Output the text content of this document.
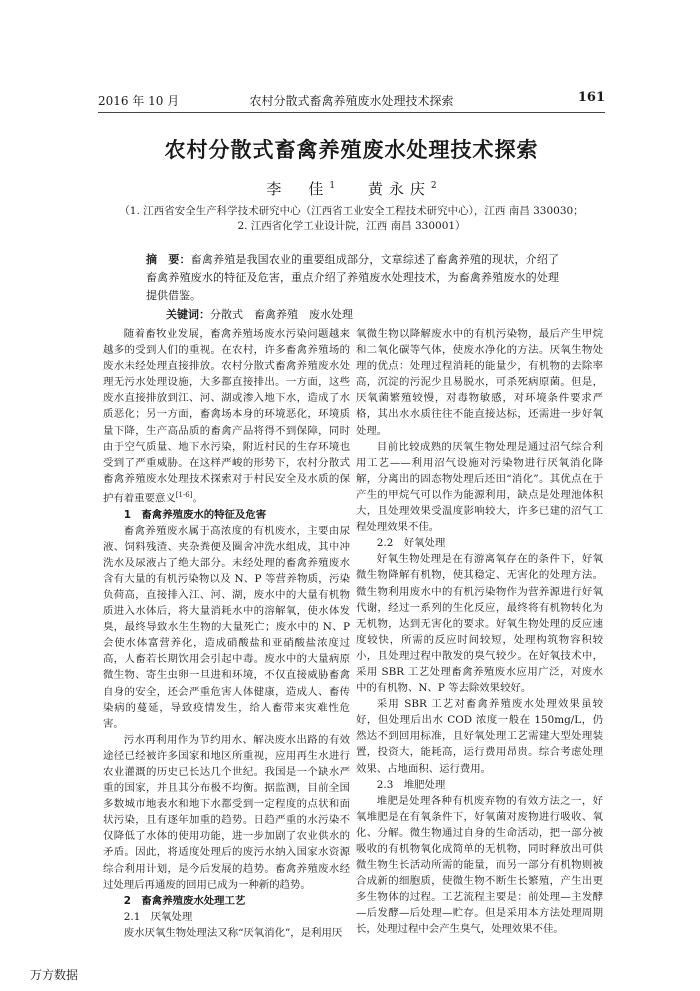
2016 年 10 月	农村分散式畜禽养殖废水处理技术探索	161
农村分散式畜禽养殖废水处理技术探索
李　佳$^1$ 黄永庆$^2$
（1. 江西省安全生产科学技术研究中心（江西省工业安全工程技术研究中心），江西 南昌 330030；
2. 江西省化学工业设计院，江西 南昌 330001）
摘　要：畜禽养殖是我国农业的重要组成部分，文章综述了畜禽养殖的现状，介绍了畜禽养殖废水的特征及危害，重点介绍了养殖废水处理技术，为畜禽养殖废水的处理提供借鉴。
关键词：分散式　畜禽养殖　废水处理

随着畜牧业发展，畜禽养殖场废水污染问题越来越多的受到人们的重视。在农村，许多畜禽养殖场的废水未经处理直接排放。农村分散式畜禽养殖废水处理无污水处理设施，大多都直接排出。一方面，这些废水直接排放到江、河、湖或渗入地下水，造成了水质恶化；另一方面，畜禽场本身的环境恶化，环境质量下降，生产高品质的畜禽产品将得不到保障，同时由于空气质量、地下水污染，附近村民的生存环境也受到了严重威胁。在这样严峻的形势下，农村分散式畜禽养殖废水处理技术探索对于村民安全及水质的保护有着重要意义[1-6]。

1　畜禽养殖废水的特征及危害

畜禽养殖废水属于高浓度的有机废水，主要由尿液、饲料残渣、夹杂粪便及圈舍冲洗水组成，其中冲洗水及尿液占了绝大部分。未经处理的畜禽养殖废水含有大量的有机污染物以及 N、P 等营养物质，污染负荷高，直接排入江、河、湖，废水中的大量有机物质进入水体后，将大量消耗水中的溶解氧，使水体发臭，最终导致水生生物的大量死亡；废水中的 N、P 会使水体富营养化，造成硝酸盐和亚硝酸盐浓度过高，人畜若长期饮用会引起中毒。废水中的大量病原微生物、寄生虫卵一旦进和环境，不仅直接威胁畜禽自身的安全，还会严重危害人体健康，造成人、畜传染病的蔓延，导致疫情发生，给人畜带来灾难性危害。

污水再利用作为节约用水、解决废水出路的有效途径已经被许多国家和地区所重视，应用再生水进行农业灌溉的历史已长达几个世纪。我国是一个缺水严重的国家，并且其分布极不均衡。据监测，目前全国多数城市地表水和地下水都受到一定程度的点状和面状污染，且有逐年加重的趋势。日趋严重的水污染不仅降低了水体的使用功能，进一步加剧了农业供水的矛盾。因此，将适度处理后的废污水纳入国家水资源综合利用计划，是今后发展的趋势。畜禽养殖废水经过处理后再通废的回用已成为一种新的趋势。

2　畜禽养殖废水处理工艺
2.1　厌氧处理

废水厌氧生物处理法又称“厌氧消化”，是利用厌

氧微生物以降解废水中的有机污染物，最后产生甲烷和二氧化碳等气体，使废水净化的方法。厌氧生物处理的优点：处理过程消耗的能量少，有机物的去除率高，沉淀的污泥少且易脱水，可杀死病原菌。但是，厌氧菌繁殖较慢，对毒物敏感，对环境条件要求严格，其出水水质往往不能直接达标，还需进一步好氧处理。

目前比较成熟的厌氧生物处理是通过沼气综合利用工艺——利用沼气设施对污染物进行厌氧消化降解，分离出的固态物处理后还田“消化”。其优点在于产生的甲烷气可以作为能源利用，缺点是处理池体积大，且处理效果受温度影响较大，许多已建的沼气工程处理效果不佳。

2.2　好氧处理

好氧生物处理是在有游离氧存在的条件下，好氧微生物降解有机物，使其稳定、无害化的处理方法。微生物利用废水中的有机污染物作为营养源进行好氧代谢，经过一系列的生化反应，最终将有机物转化为无机物，达到无害化的要求。好氧生物处理的反应速度较快，所需的反应时间较短，处理构筑物容积较小，且处理过程中散发的臭气较少。在好氧技术中，采用 SBR 工艺处理畜禽养殖废水应用广泛，对废水中的有机物、N、P 等去除效果较好。

采用 SBR 工艺对畜禽养殖废水处理效果虽较好，但处理后出水 COD 浓度一般在 150mg/L，仍然达不到回用标准，且好氧处理工艺需建大型处理装置，投资大，能耗高，运行费用昂贵。综合考虑处理效果、占地面积、运行费用。

2.3　堆肥处理

堆肥是处理各种有机废弃物的有效方法之一，好氧堆肥是在有氧条件下，好氧菌对废物进行吸收、氧化、分解。微生物通过自身的生命活动，把一部分被吸收的有机物氧化成简单的无机物，同时释放出可供微生物生长活动所需的能量，而另一部分有机物则被合成新的细胞质，使微生物不断生长繁殖，产生出更多生物体的过程。工艺流程主要是：前处理—主发酵—后发酵—后处理—贮存。但是采用本方法处理周期长，处理过程中会产生臭气，处理效果不佳。

万方数据
